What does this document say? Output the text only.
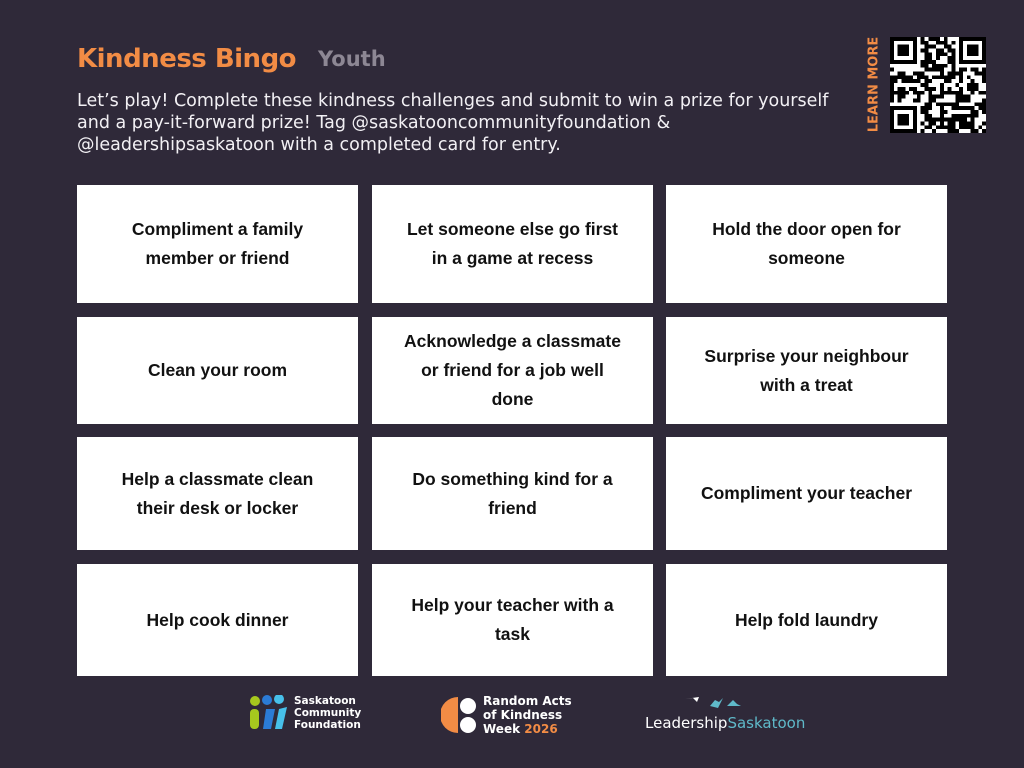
Kindness Bingo Youth
Let’s play! Complete these kindness challenges and submit to win a prize for yourself and a pay-it-forward prize! Tag @saskatooncommunityfoundation & @leadershipsaskatoon with a completed card for entry.
LEARN MORE
Compliment a family member or friend
Let someone else go first in a game at recess
Hold the door open for someone
Clean your room
Acknowledge a classmate or friend for a job well done
Surprise your neighbour with a treat
Help a classmate clean their desk or locker
Do something kind for a friend
Compliment your teacher
Help cook dinner
Help your teacher with a task
Help fold laundry
Saskatoon
Community
Foundation
Random Acts
of Kindness
Week 2026	LeadershipSaskatoon
